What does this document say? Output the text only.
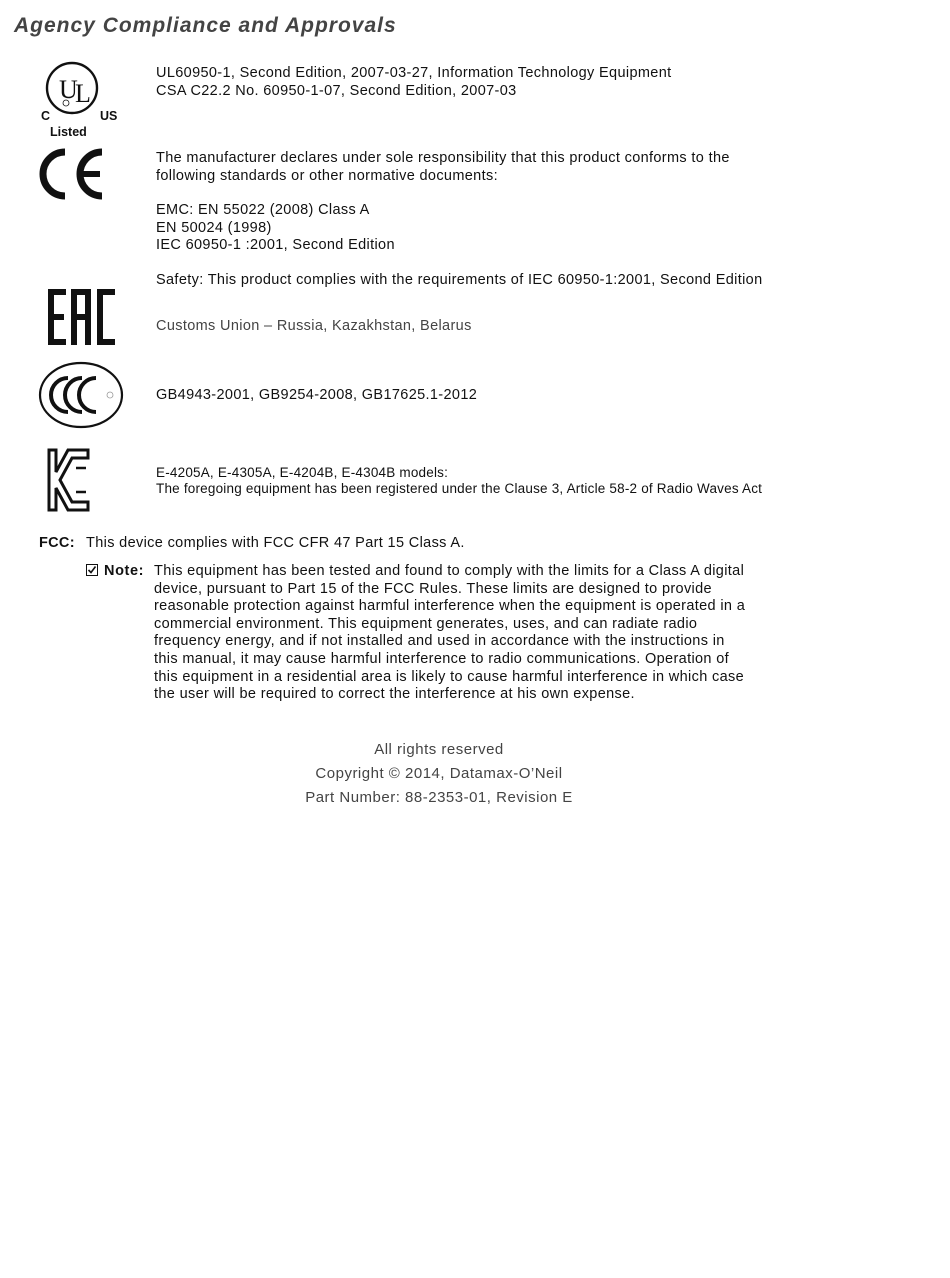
Agency Compliance and Approvals
U
L
C	US
Listed
UL60950-1, Second Edition, 2007-03-27, Information Technology Equipment
CSA C22.2 No. 60950-1-07, Second Edition, 2007-03
The manufacturer declares under sole responsibility that this product conforms to the
following standards or other normative documents:
EMC: EN 55022 (2008) Class A
EN 50024 (1998)
IEC 60950-1 :2001, Second Edition
Safety: This product complies with the requirements of IEC 60950-1:2001, Second Edition
Customs Union – Russia, Kazakhstan, Belarus
GB4943-2001, GB9254-2008, GB17625.1-2012
E-4205A, E-4305A, E-4204B, E-4304B models:
The foregoing equipment has been registered under the Clause 3, Article 58-2 of Radio Waves Act
FCC: This device complies with FCC CFR 47 Part 15 Class A.
Note: This equipment has been tested and found to comply with the limits for a Class A digital
device, pursuant to Part 15 of the FCC Rules. These limits are designed to provide
reasonable protection against harmful interference when the equipment is operated in a
commercial environment. This equipment generates, uses, and can radiate radio
frequency energy, and if not installed and used in accordance with the instructions in
this manual, it may cause harmful interference to radio communications. Operation of
this equipment in a residential area is likely to cause harmful interference in which case
the user will be required to correct the interference at his own expense.
All rights reserved
Copyright © 2014, Datamax-O’Neil
Part Number: 88-2353-01, Revision E
